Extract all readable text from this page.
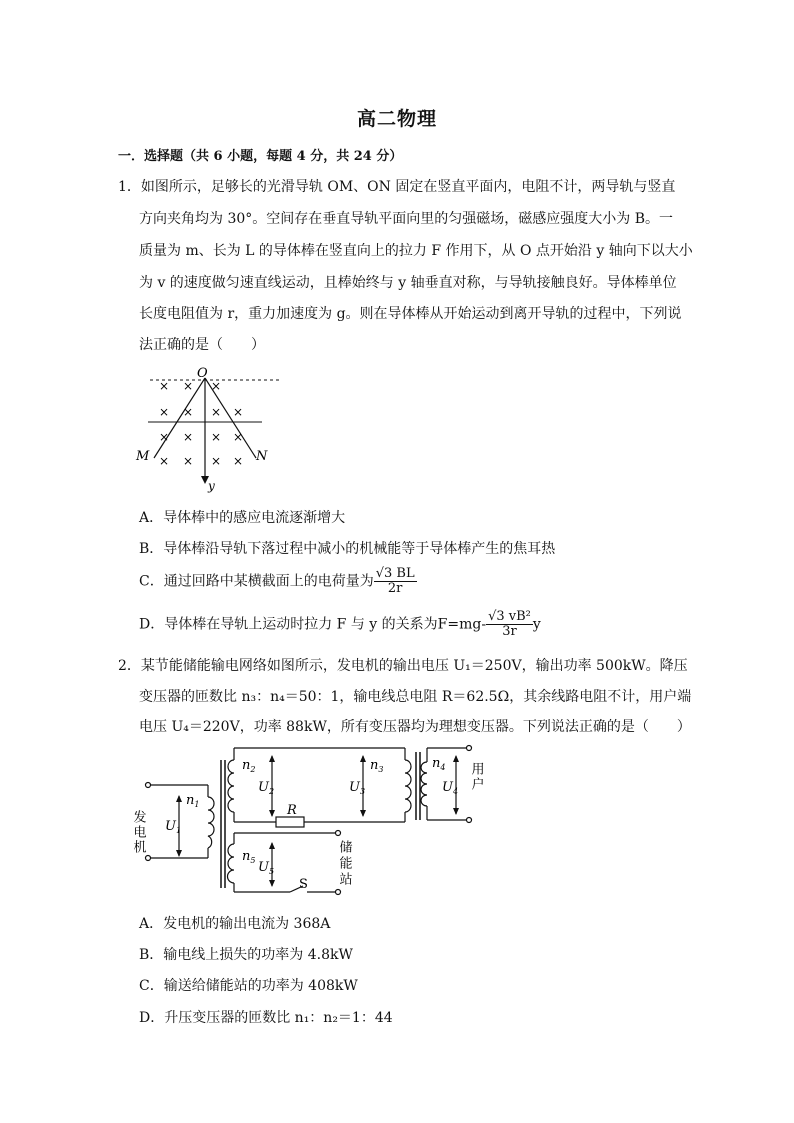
高二物理
一．选择题（共 6 小题，每题 4 分，共 24 分）
1．如图所示，足够长的光滑导轨 OM、ON 固定在竖直平面内，电阻不计，两导轨与竖直
方向夹角均为 30°。空间存在垂直导轨平面向里的匀强磁场，磁感应强度大小为 B。一
质量为 m、长为 L 的导体棒在竖直向上的拉力 F 作用下，从 O 点开始沿 y 轴向下以大小
为 v 的速度做匀速直线运动，且棒始终与 y 轴垂直对称，与导轨接触良好。导体棒单位
长度电阻值为 r，重力加速度为 g。则在导体棒从开始运动到离开导轨的过程中，下列说
法正确的是（　　）
O
M	N
y
× × ×
× × × ×
× × × ×
× × × ×
A．导体棒中的感应电流逐渐增大
B．导体棒沿导轨下落过程中减小的机械能等于导体棒产生的焦耳热
C．通过回路中某横截面上的电荷量为 $\frac{√3 BL}{2r}$
D．导体棒在导轨上运动时拉力 F 与 y 的关系为$F=mg- \frac{\text{√3 vB²}}{3r}$ y
2．某节能储能输电网络如图所示，发电机的输出电压 U₁＝250V，输出功率 500kW。降压
变压器的匝数比 n₃：n₄＝50：1，输电线总电阻 R＝62.5Ω，其余线路电阻不计，用户端
电压 U₄＝220V，功率 88kW，所有变压器均为理想变压器。下列说法正确的是（　　）
发电机
$n_1$
$U_1$
$n_2$
$U_2$
R
$n_3$
$U_3$
$n_4$
$U_4$ 用户
$n_5$ $U_5$
S 储能站
A．发电机的输出电流为 368A
B．输电线上损失的功率为 4.8kW
C．输送给储能站的功率为 408kW
D．升压变压器的匝数比 n₁：n₂＝1：44
